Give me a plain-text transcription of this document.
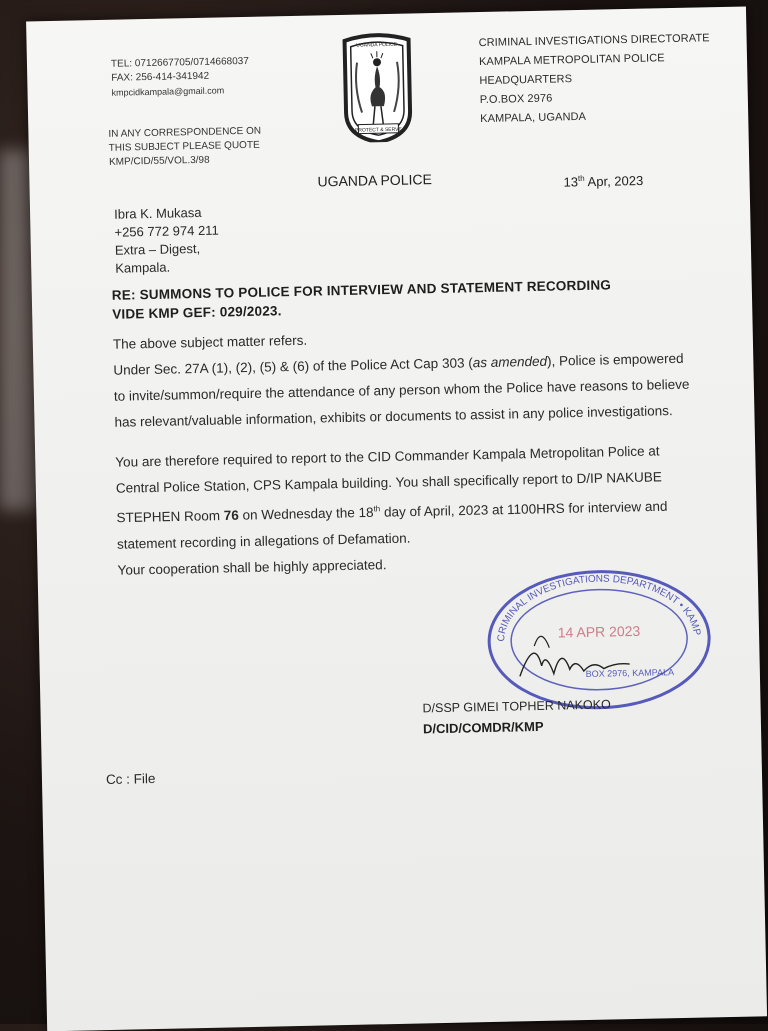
TEL: 0712667705/0714668037
FAX: 256-414-341942
kmpcidkampala@gmail.com
IN ANY CORRESPONDENCE ON
THIS SUBJECT PLEASE QUOTE
KMP/CID/55/VOL.3/98
UGANDA POLICE
PROTECT & SERVE
CRIMINAL INVESTIGATIONS DIRECTORATE
KAMPALA METROPOLITAN POLICE
HEADQUARTERS
P.O.BOX 2976
KAMPALA, UGANDA
UGANDA POLICE	13th Apr, 2023
Ibra K. Mukasa
+256 772 974 211
Extra – Digest,
Kampala.
RE: SUMMONS TO POLICE FOR INTERVIEW AND STATEMENT RECORDING
VIDE KMP GEF: 029/2023.

The above subject matter refers.

Under Sec. 27A (1), (2), (5) & (6) of the Police Act Cap 303 (as amended), Police is empowered to invite/summon/require the attendance of any person whom the Police have reasons to believe has relevant/valuable information, exhibits or documents to assist in any police investigations.

You are therefore required to report to the CID Commander Kampala Metropolitan Police at Central Police Station, CPS Kampala building. You shall specifically report to D/IP NAKUBE STEPHEN Room 76 on Wednesday the 18th day of April, 2023 at 1100HRS for interview and statement recording in allegations of Defamation.

Your cooperation shall be highly appreciated.

CRIMINAL INVESTIGATIONS DEPARTMENT • KAMPALA METROPOLITAN POLICE
14 APR 2023
BOX 2976, KAMPALA
D/SSP GIMEI TOPHER NAKOKO
D/CID/COMDR/KMP
Cc : File
